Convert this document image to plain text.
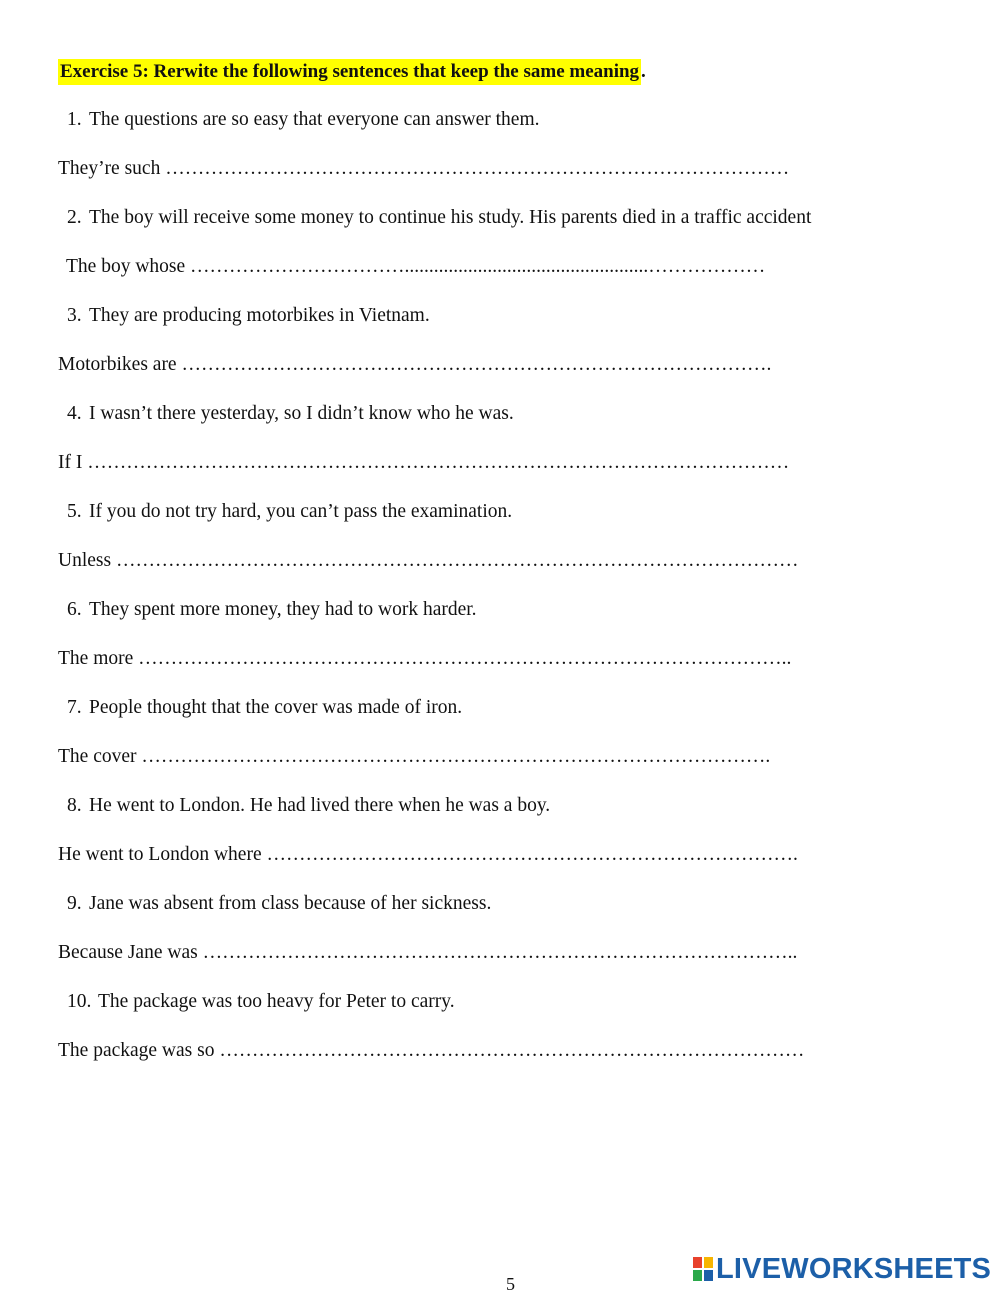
Exercise 5: Rerwite the following sentences that keep the same meaning .
1. The questions are so easy that everyone can answer them.
They’re such ……………………………………………………………………………………
2. The boy will receive some money to continue his study. His parents died in a traffic accident
The boy whose ……………………………..................................................………………
3. They are producing motorbikes in Vietnam.
Motorbikes are ……………………………………………………………………………….
4. I wasn’t there yesterday, so I didn’t know who he was.
If I ………………………………………………………………………………………………
5. If you do not try hard, you can’t pass the examination.
Unless ……………………………………………………………………………………………
6. They spent more money, they had to work harder.
The more ………………………………………………………………………………………..
7. People thought that the cover was made of iron.
The cover …………………………………………………………………………………….
8. He went to London. He had lived there when he was a boy.
He went to London where ……………………………………………………………………….
9. Jane was absent from class because of her sickness.
Because Jane was ………………………………………………………………………………..
10. The package was too heavy for Peter to carry.
The package was so ………………………………………………………………………………
5	LIVEWORKSHEETS
